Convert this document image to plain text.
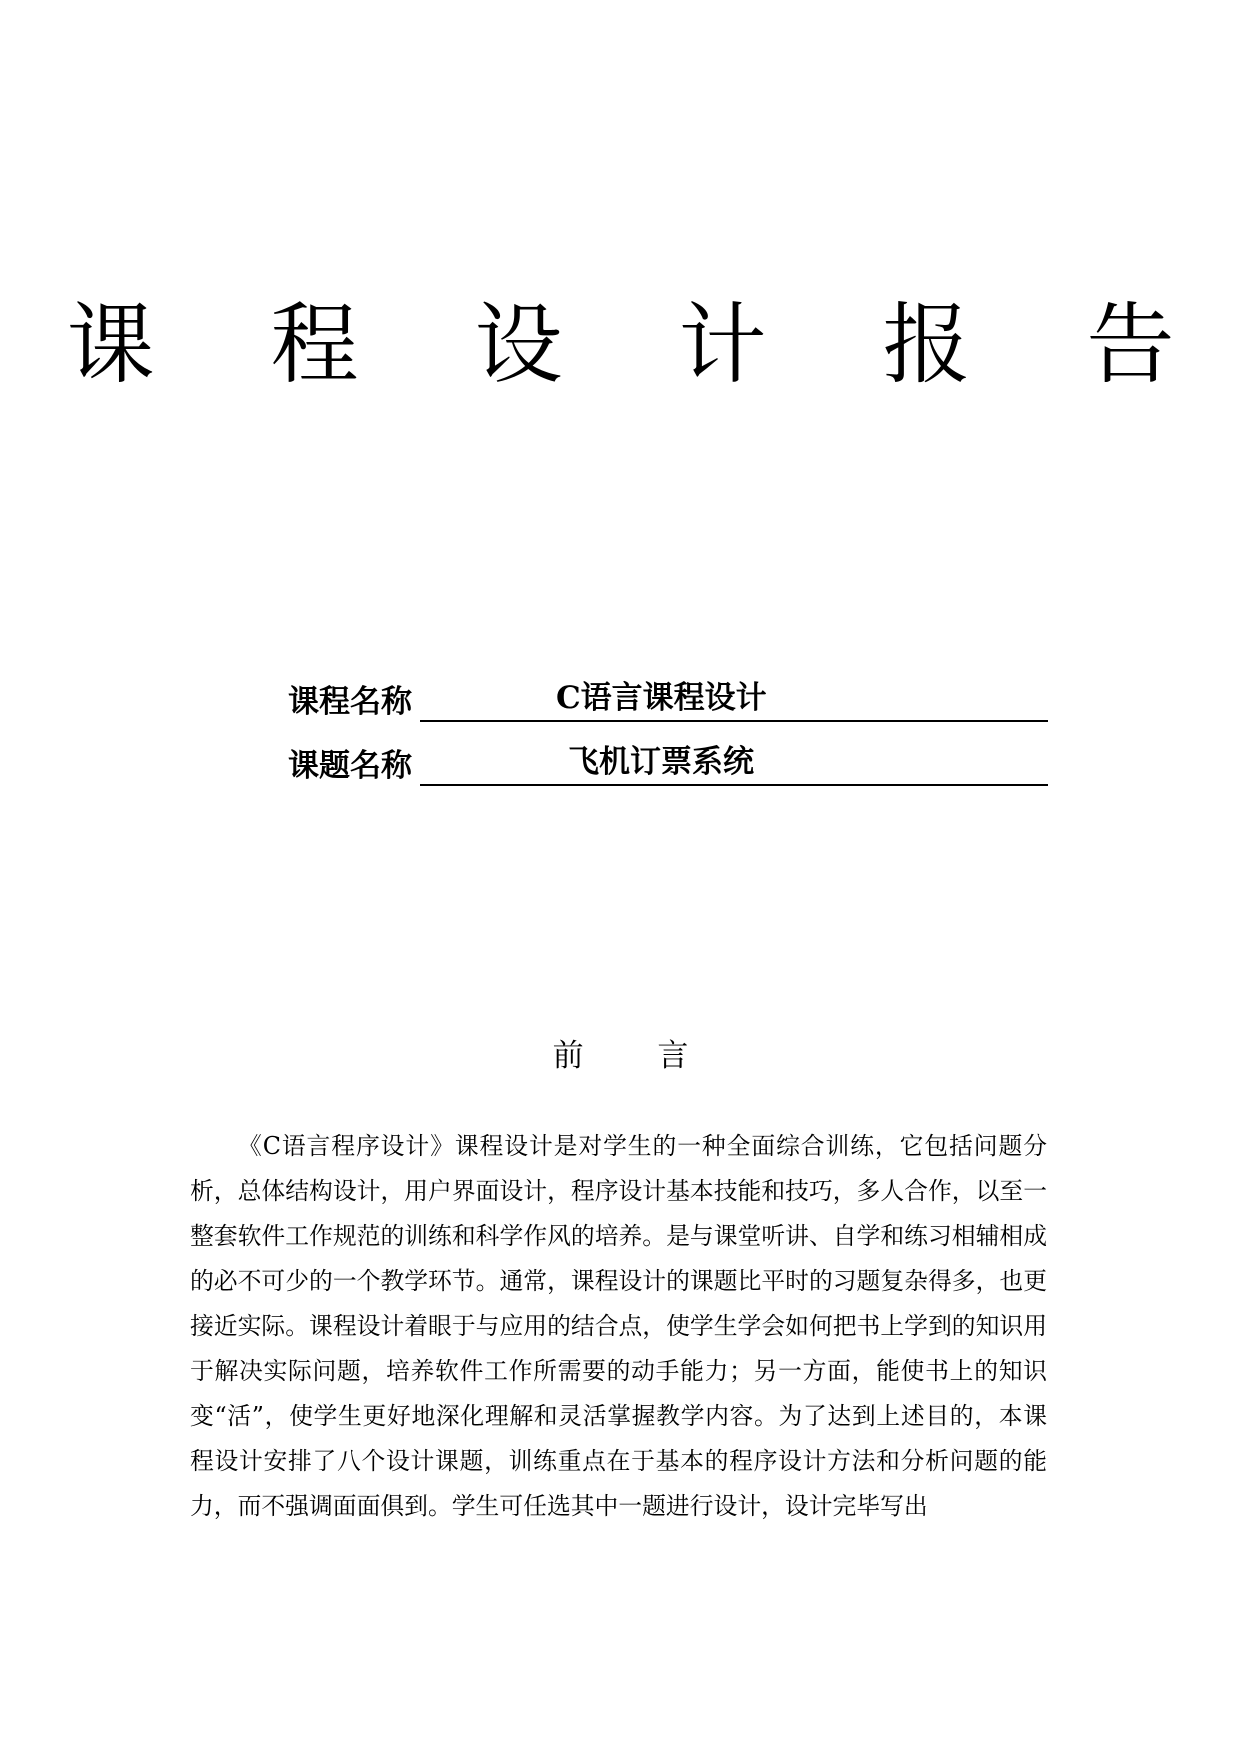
课 程 设 计 报 告
课程名称	C语言课程设计
课题名称	飞机订票系统
前 言

《C语言程序设计》课程设计是对学生的一种全面综合训练，它包括问题分析，总体结构设计，用户界面设计，程序设计基本技能和技巧，多人合作，以至一整套软件工作规范的训练和科学作风的培养。是与课堂听讲、自学和练习相辅相成的必不可少的一个教学环节。通常，课程设计的课题比平时的习题复杂得多，也更接近实际。课程设计着眼于与应用的结合点，使学生学会如何把书上学到的知识用于解决实际问题，培养软件工作所需要的动手能力；另一方面，能使书上的知识变“活”，使学生更好地深化理解和灵活掌握教学内容。为了达到上述目的，本课程设计安排了八个设计课题，训练重点在于基本的程序设计方法和分析问题的能力，而不强调面面俱到。学生可任选其中一题进行设计，设计完毕写出
